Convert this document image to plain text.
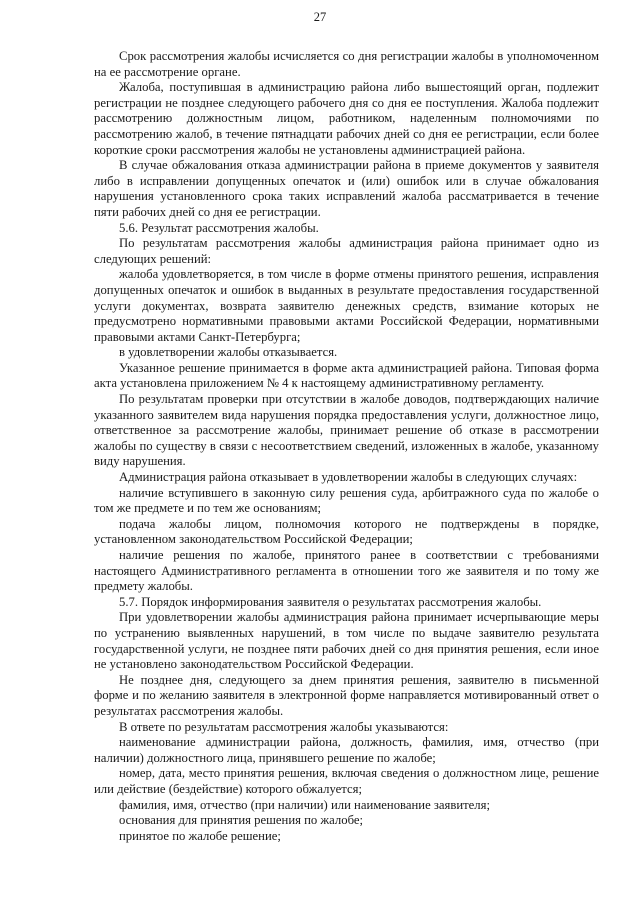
27

Срок рассмотрения жалобы исчисляется со дня регистрации жалобы в уполномоченном на ее рассмотрение органе.

Жалоба, поступившая в администрацию района либо вышестоящий орган, подлежит регистрации не позднее следующего рабочего дня со дня ее поступления. Жалоба подлежит рассмотрению должностным лицом, работником, наделенным полномочиями по рассмотрению жалоб, в течение пятнадцати рабочих дней со дня ее регистрации, если более короткие сроки рассмотрения жалобы не установлены администрацией района.

В случае обжалования отказа администрации района в приеме документов у заявителя либо в исправлении допущенных опечаток и (или) ошибок или в случае обжалования нарушения установленного срока таких исправлений жалоба рассматривается в течение пяти рабочих дней со дня ее регистрации.

5.6. Результат рассмотрения жалобы.

По результатам рассмотрения жалобы администрация района принимает одно из следующих решений:

жалоба удовлетворяется, в том числе в форме отмены принятого решения, исправления допущенных опечаток и ошибок в выданных в результате предоставления государственной услуги документах, возврата заявителю денежных средств, взимание которых не предусмотрено нормативными правовыми актами Российской Федерации, нормативными правовыми актами Санкт-Петербурга;

в удовлетворении жалобы отказывается.

Указанное решение принимается в форме акта администрацией района. Типовая форма акта установлена приложением № 4 к настоящему административному регламенту.

По результатам проверки при отсутствии в жалобе доводов, подтверждающих наличие указанного заявителем вида нарушения порядка предоставления услуги, должностное лицо, ответственное за рассмотрение жалобы, принимает решение об отказе в рассмотрении жалобы по существу в связи с несоответствием сведений, изложенных в жалобе, указанному виду нарушения.

Администрация района отказывает в удовлетворении жалобы в следующих случаях:

наличие вступившего в законную силу решения суда, арбитражного суда по жалобе о том же предмете и по тем же основаниям;

подача жалобы лицом, полномочия которого не подтверждены в порядке, установленном законодательством Российской Федерации;

наличие решения по жалобе, принятого ранее в соответствии с требованиями настоящего Административного регламента в отношении того же заявителя и по тому же предмету жалобы.

5.7. Порядок информирования заявителя о результатах рассмотрения жалобы.

При удовлетворении жалобы администрация района принимает исчерпывающие меры по устранению выявленных нарушений, в том числе по выдаче заявителю результата государственной услуги, не позднее пяти рабочих дней со дня принятия решения, если иное не установлено законодательством Российской Федерации.

Не позднее дня, следующего за днем принятия решения, заявителю в письменной форме и по желанию заявителя в электронной форме направляется мотивированный ответ о результатах рассмотрения жалобы.

В ответе по результатам рассмотрения жалобы указываются:

наименование администрации района, должность, фамилия, имя, отчество (при наличии) должностного лица, принявшего решение по жалобе;

номер, дата, место принятия решения, включая сведения о должностном лице, решение или действие (бездействие) которого обжалуется;

фамилия, имя, отчество (при наличии) или наименование заявителя;

основания для принятия решения по жалобе;

принятое по жалобе решение;
